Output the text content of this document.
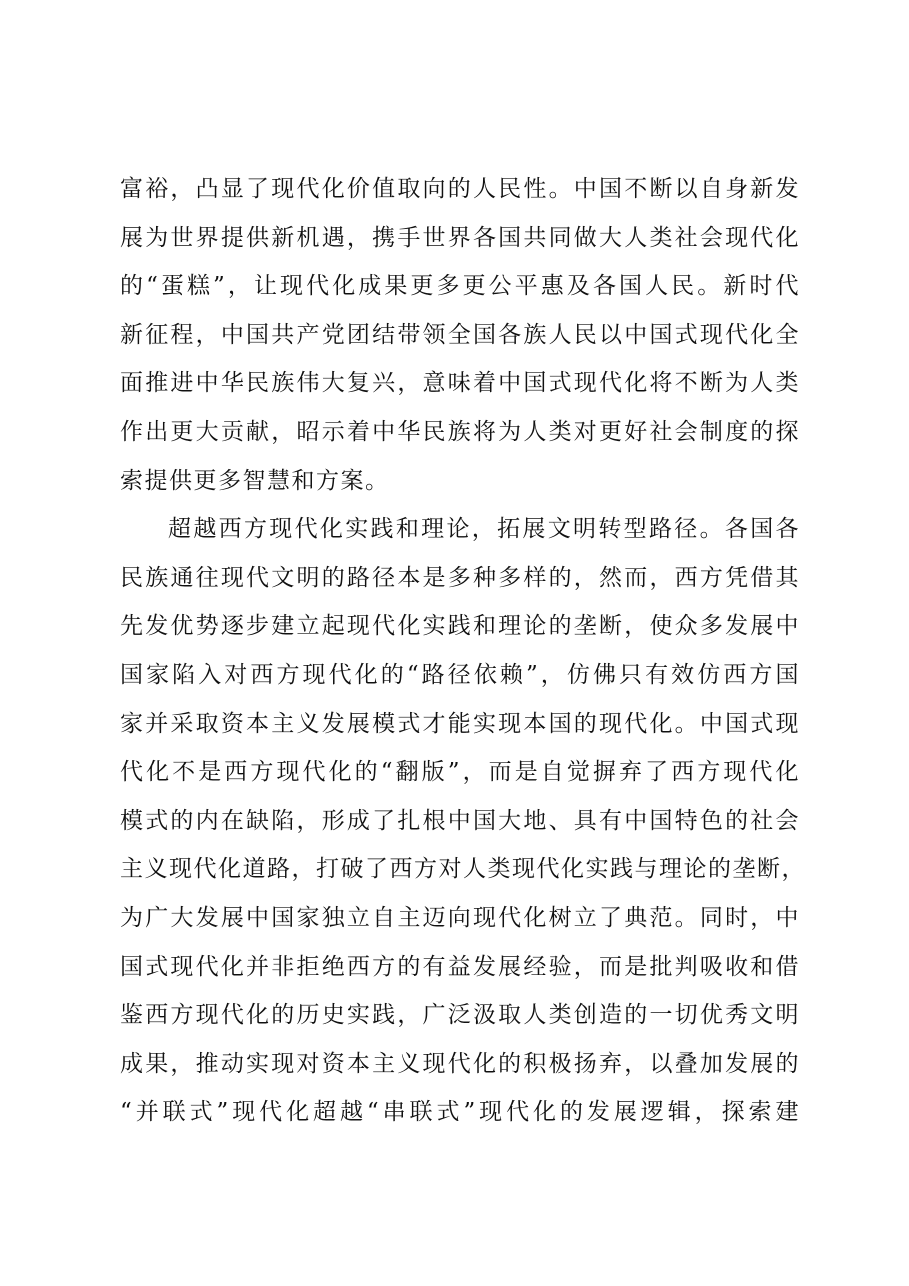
富裕，凸显了现代化价值取向的人民性。中国不断以自身新发
展为世界提供新机遇，携手世界各国共同做大人类社会现代化
的“蛋糕”，让现代化成果更多更公平惠及各国人民。新时代
新征程，中国共产党团结带领全国各族人民以中国式现代化全
面推进中华民族伟大复兴，意味着中国式现代化将不断为人类
作出更大贡献，昭示着中华民族将为人类对更好社会制度的探
索提供更多智慧和方案。
超越西方现代化实践和理论，拓展文明转型路径。各国各
民族通往现代文明的路径本是多种多样的，然而，西方凭借其
先发优势逐步建立起现代化实践和理论的垄断，使众多发展中
国家陷入对西方现代化的“路径依赖”，仿佛只有效仿西方国
家并采取资本主义发展模式才能实现本国的现代化。中国式现
代化不是西方现代化的“翻版”，而是自觉摒弃了西方现代化
模式的内在缺陷，形成了扎根中国大地、具有中国特色的社会
主义现代化道路，打破了西方对人类现代化实践与理论的垄断，
为广大发展中国家独立自主迈向现代化树立了典范。同时，中
国式现代化并非拒绝西方的有益发展经验，而是批判吸收和借
鉴西方现代化的历史实践，广泛汲取人类创造的一切优秀文明
成果，推动实现对资本主义现代化的积极扬弃，以叠加发展的
“并联式”现代化超越“串联式”现代化的发展逻辑，探索建
